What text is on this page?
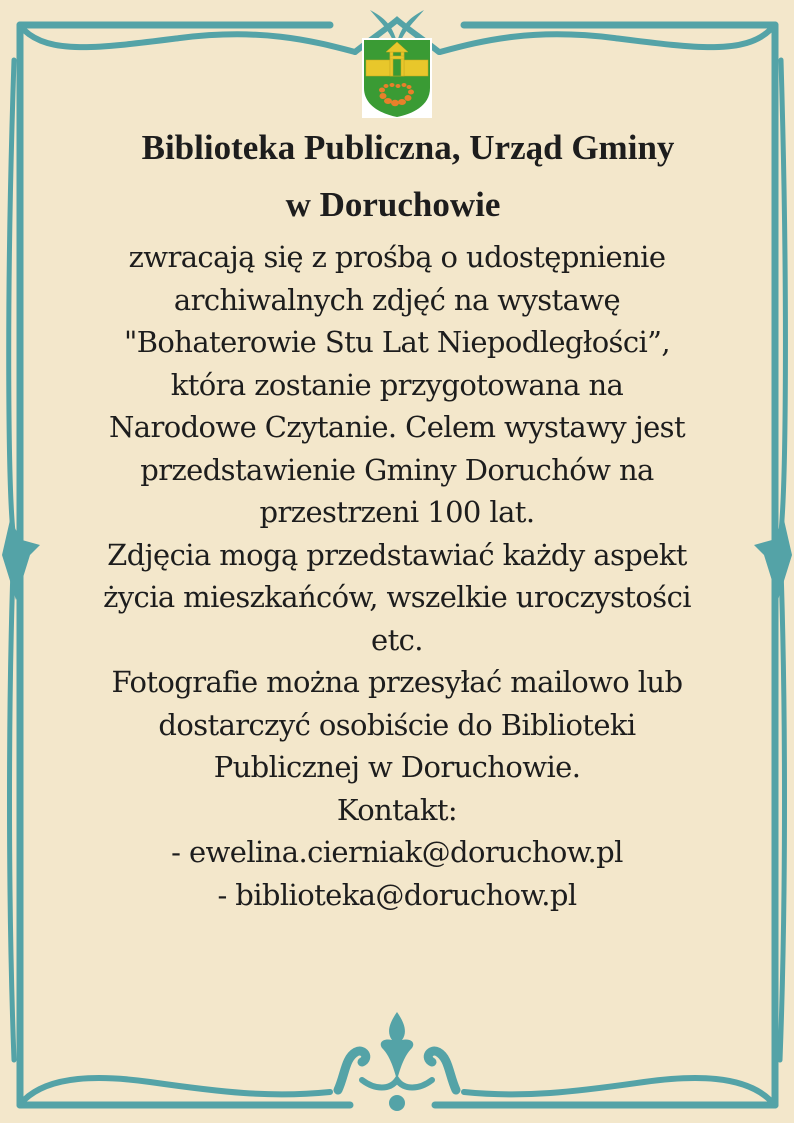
Biblioteka Publiczna, Urząd Gminy
w Doruchowie
zwracają się z prośbą o udostępnienie
archiwalnych zdjęć na wystawę
"Bohaterowie Stu Lat Niepodległości”,
która zostanie przygotowana na
Narodowe Czytanie. Celem wystawy jest
przedstawienie Gminy Doruchów na
przestrzeni 100 lat.
Zdjęcia mogą przedstawiać każdy aspekt
życia mieszkańców, wszelkie uroczystości
etc.
Fotografie można przesyłać mailowo lub
dostarczyć osobiście do Biblioteki
Publicznej w Doruchowie.
Kontakt:
- ewelina.cierniak@doruchow.pl
- biblioteka@doruchow.pl
